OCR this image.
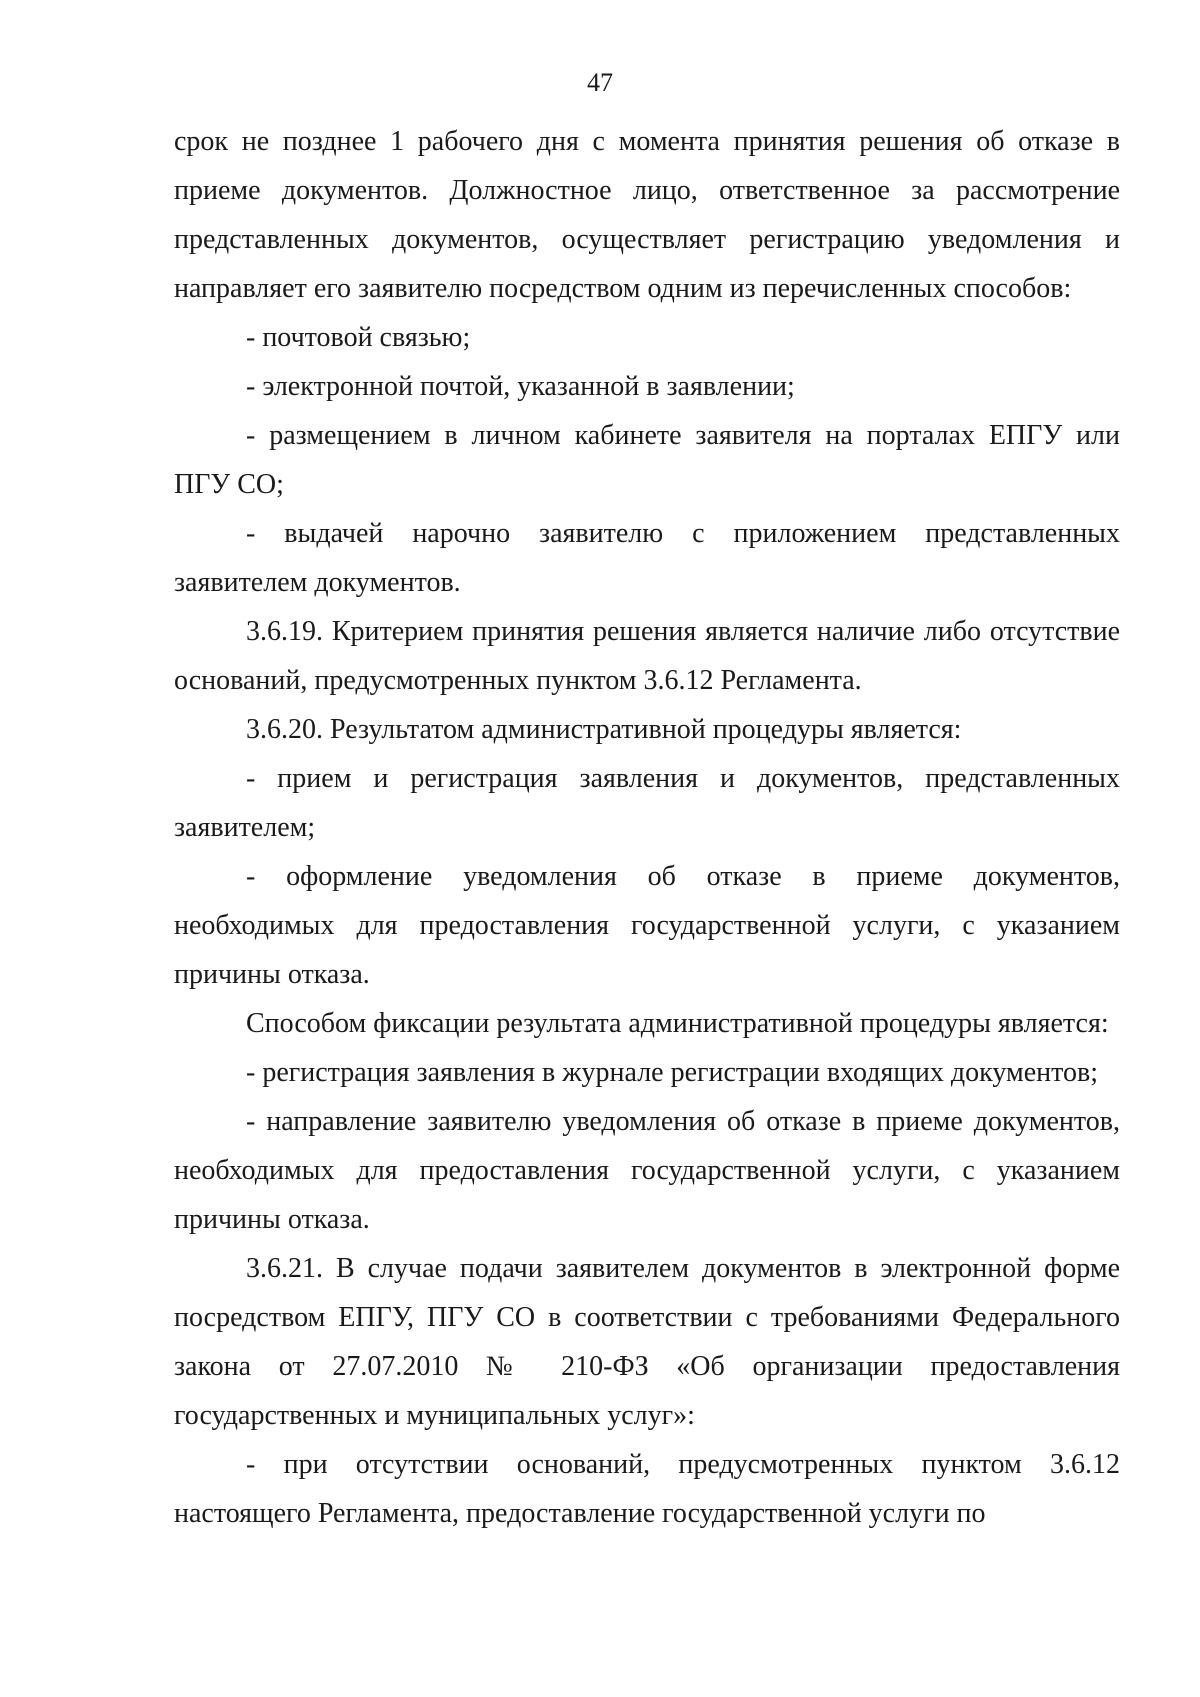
47

срок не позднее 1 рабочего дня с момента принятия решения об отказе в приеме документов. Должностное лицо, ответственное за рассмотрение представленных документов, осуществляет регистрацию уведомления и направляет его заявителю посредством одним из перечисленных способов:

- почтовой связью;

- электронной почтой, указанной в заявлении;

- размещением в личном кабинете заявителя на порталах ЕПГУ или ПГУ СО;

- выдачей нарочно заявителю с приложением представленных заявителем документов.

3.6.19. Критерием принятия решения является наличие либо отсутствие оснований, предусмотренных пунктом 3.6.12 Регламента.

3.6.20. Результатом административной процедуры является:

- прием и регистрация заявления и документов, представленных заявителем;

- оформление уведомления об отказе в приеме документов, необходимых для предоставления государственной услуги, с указанием причины отказа.

Способом фиксации результата административной процедуры является:

- регистрация заявления в журнале регистрации входящих документов;

- направление заявителю уведомления об отказе в приеме документов, необходимых для предоставления государственной услуги, с указанием причины отказа.

3.6.21. В случае подачи заявителем документов в электронной форме посредством ЕПГУ, ПГУ СО в соответствии с требованиями Федерального закона от 27.07.2010 № 210-ФЗ «Об организации предоставления государственных и муниципальных услуг»:

- при отсутствии оснований, предусмотренных пунктом 3.6.12 настоящего Регламента, предоставление государственной услуги по
